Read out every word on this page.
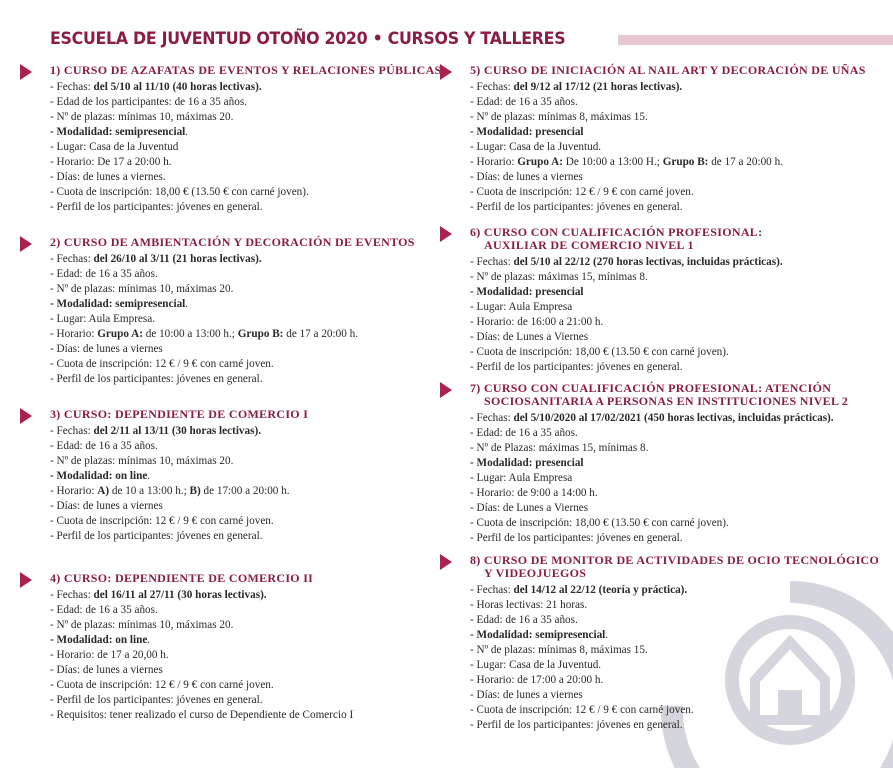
ESCUELA DE JUVENTUD OTOÑO 2020 • CURSOS Y TALLERES
1) CURSO DE AZAFATAS DE EVENTOS Y RELACIONES PÚBLICAS
- Fechas: del 5/10 al 11/10 (40 horas lectivas).
- Edad de los participantes: de 16 a 35 años.
- Nº de plazas: mínimas 10, máximas 20.
- Modalidad: semipresencial.
- Lugar: Casa de la Juventud
- Horario: De 17 a 20:00 h.
- Días: de lunes a viernes.
- Cuota de inscripción: 18,00 € (13.50 € con carné joven).
- Perfil de los participantes: jóvenes en general.
2) CURSO DE AMBIENTACIÓN Y DECORACIÓN DE EVENTOS
- Fechas: del 26/10 al 3/11 (21 horas lectivas).
- Edad: de 16 a 35 años.
- Nº de plazas: mínimas 10, máximas 20.
- Modalidad: semipresencial.
- Lugar: Aula Empresa.
- Horario: Grupo A: de 10:00 a 13:00 h.; Grupo B: de 17 a 20:00 h.
- Días: de lunes a viernes
- Cuota de inscripción: 12 € / 9 € con carné joven.
- Perfil de los participantes: jóvenes en general.
3) CURSO: DEPENDIENTE DE COMERCIO I
- Fechas: del 2/11 al 13/11 (30 horas lectivas).
- Edad: de 16 a 35 años.
- Nº de plazas: mínimas 10, máximas 20.
- Modalidad: on line.
- Horario: A) de 10 a 13:00 h.; B) de 17:00 a 20:00 h.
- Días: de lunes a viernes
- Cuota de inscripción: 12 € / 9 € con carné joven.
- Perfil de los participantes: jóvenes en general.
4) CURSO: DEPENDIENTE DE COMERCIO II
- Fechas: del 16/11 al 27/11 (30 horas lectivas).
- Edad: de 16 a 35 años.
- Nº de plazas: mínimas 10, máximas 20.
- Modalidad: on line.
- Horario: de 17 a 20,00 h.
- Días: de lunes a viernes
- Cuota de inscripción: 12 € / 9 € con carné joven.
- Perfil de los participantes: jóvenes en general.
- Requisitos: tener realizado el curso de Dependiente de Comercio I
5) CURSO DE INICIACIÓN AL NAIL ART Y DECORACIÓN DE UÑAS
- Fechas: del 9/12 al 17/12 (21 horas lectivas).
- Edad: de 16 a 35 años.
- Nº de plazas: mínimas 8, máximas 15.
- Modalidad: presencial
- Lugar: Casa de la Juventud.
- Horario: Grupo A: De 10:00 a 13:00 H.; Grupo B: de 17 a 20:00 h.
- Días: de lunes a viernes
- Cuota de inscripción: 12 € / 9 € con carné joven.
- Perfil de los participantes: jóvenes en general.
6) CURSO CON CUALIFICACIÓN PROFESIONAL:
AUXILIAR DE COMERCIO NIVEL 1
- Fechas: del 5/10 al 22/12 (270 horas lectivas, incluidas prácticas).
- Nº de plazas: máximas 15, mínimas 8.
- Modalidad: presencial
- Lugar: Aula Empresa
- Horario: de 16:00 a 21:00 h.
- Días: de Lunes a Viernes
- Cuota de inscripción: 18,00 € (13.50 € con carné joven).
- Perfil de los participantes: jóvenes en general.
7) CURSO CON CUALIFICACIÓN PROFESIONAL: ATENCIÓN
SOCIOSANITARIA A PERSONAS EN INSTITUCIONES NIVEL 2
- Fechas: del 5/10/2020 al 17/02/2021 (450 horas lectivas, incluidas prácticas).
- Edad: de 16 a 35 años.
- Nº de Plazas: máximas 15, mínimas 8.
- Modalidad: presencial
- Lugar: Aula Empresa
- Horario: de 9:00 a 14:00 h.
- Días: de Lunes a Viernes
- Cuota de inscripción: 18,00 € (13.50 € con carné joven).
- Perfil de los participantes: jóvenes en general.
8) CURSO DE MONITOR DE ACTIVIDADES DE OCIO TECNOLÓGICO
Y VIDEOJUEGOS
- Fechas: del 14/12 al 22/12 (teoría y práctica).
- Horas lectivas: 21 horas.
- Edad: de 16 a 35 años.
- Modalidad: semipresencial.
- Nº de plazas: mínimas 8, máximas 15.
- Lugar: Casa de la Juventud.
- Horario: de 17:00 a 20:00 h.
- Días: de lunes a viernes
- Cuota de inscripción: 12 € / 9 € con carné joven.
- Perfil de los participantes: jóvenes en general.
